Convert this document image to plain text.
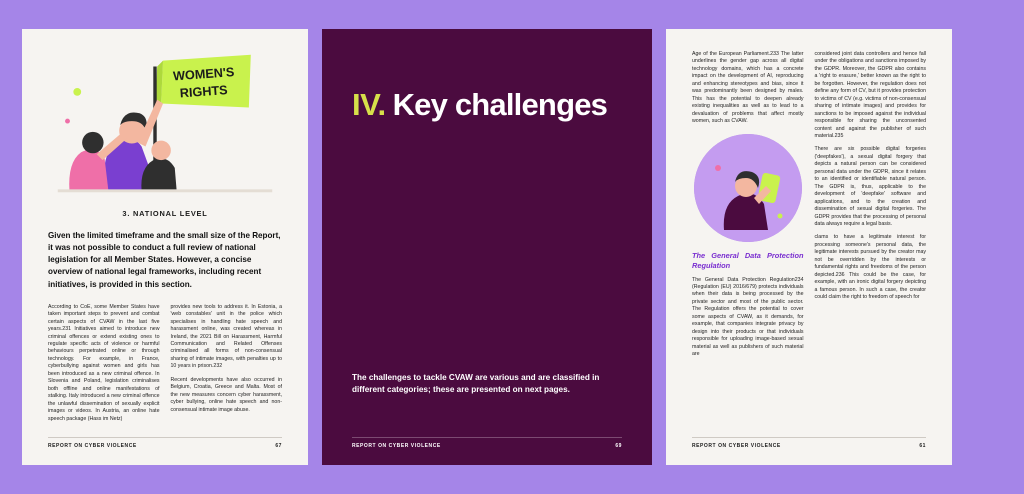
WOMEN'S
RIGHTS
3. NATIONAL LEVEL
Given the limited timeframe and the small size of the Report, it was not possible to conduct a full review of national legislation for all Member States. However, a concise overview of national legal frameworks, including recent initiatives, is provided in this section.

According to CoE, some Member States have taken important steps to prevent and combat certain aspects of CVAW in the last five years.231 Initiatives aimed to introduce new criminal offences or extend existing ones to regulate specific acts of violence or harmful behaviours perpetrated online or through technology. For example, in France, cyberbullying against women and girls has been introduced as a new criminal offence. In Slovenia and Poland, legislation criminalises both offline and online manifestations of stalking. Italy introduced a new criminal offence the unlawful dissemination of sexually explicit images or videos. In Austria, an online hate speech package (Hass im Netz)

provides new tools to address it. In Estonia, a 'web constables' unit in the police which specialises in handling hate speech and harassment online, was created whereas in Ireland, the 2021 Bill on Harassment, Harmful Communication and Related Offenses criminalised all forms of non-consensual sharing of intimate images, with penalties up to 10 years in prison.232

Recent developments have also occurred in Belgium, Croatia, Greece and Malta. Most of the new measures concern cyber harassment, cyber bullying, online hate speech and non-consensual intimate image abuse.

REPORT ON CYBER VIOLENCE	67
IV. Key challenges
The challenges to tackle CVAW are various and are classified in different categories; these are presented on next pages.
REPORT ON CYBER VIOLENCE	69

Age of the European Parliament.233 The latter underlines the gender gap across all digital technology domains, which has a concrete impact on the development of AI, reproducing and enhancing stereotypes and bias, since it was predominantly been designed by males. This has the potential to deepen already existing inequalities as well as to lead to a devaluation of problems that affect mostly women, such as CVAW.

The General Data Protection Regulation

The General Data Protection Regulation234 (Regulation (EU) 2016/679) protects individuals when their data is being processed by the private sector and most of the public sector. The Regulation offers the potential to cover some aspects of CVAW, as it demands, for example, that companies integrate privacy by design into their products or that individuals responsible for uploading image-based sexual material as well as publishers of such material are

considered joint data controllers and hence fall under the obligations and sanctions imposed by the GDPR. Moreover, the GDPR also contains a 'right to erasure,' better known as the right to be forgotten. However, the regulation does not define any form of CV, but it provides protection to victims of CV (e.g. victims of non-consensual sharing of intimate images) and provides for sanctions to be imposed against the individual responsible for sharing the unconsented content and against the publisher of such material.235

There are six possible digital forgeries ('deepfakes'), a sexual digital forgery that depicts a natural person can be considered personal data under the GDPR, since it relates to an identified or identifiable natural person. The GDPR is, thus, applicable to the development of 'deepfake' software and applications, and to the creation and dissemination of sexual digital forgeries. The GDPR provides that the processing of personal data always require a legal basis.

clams to have a legitimate interest for processing someone's personal data, the legitimate interests pursued by the creator may not be overridden by the interests or fundamental rights and freedoms of the person depicted.236 This could be the case, for example, with an ironic digital forgery depicting a famous person. In such a case, the creator could claim the right to freedom of speech for

REPORT ON CYBER VIOLENCE	61
